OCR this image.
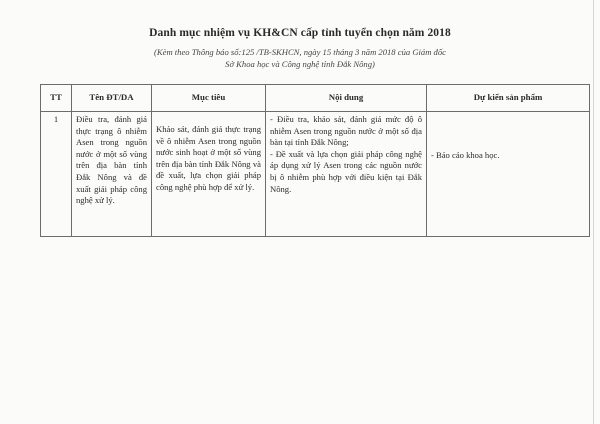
Danh mục nhiệm vụ KH&CN cấp tỉnh tuyển chọn năm 2018
(Kèm theo Thông báo số:125 /TB-SKHCN, ngày 15 tháng 3 năm 2018 của Giám đốc
Sở Khoa học và Công nghệ tỉnh Đắk Nông)
TT	Tên ĐT/DA	Mục tiêu	Nội dung	Dự kiến sản phẩm
1	Điều tra, đánh giá thực trạng ô nhiễm Asen trong nguồn nước ở một số vùng trên địa bàn tỉnh Đắk Nông và đề xuất giải pháp công nghệ xử lý.	Khảo sát, đánh giá thực trạng về ô nhiễm Asen trong nguồn nước sinh hoạt ở một số vùng trên địa bàn tỉnh Đắk Nông và đề xuất, lựa chọn giải pháp công nghệ phù hợp để xử lý.	- Điều tra, khảo sát, đánh giá mức độ ô nhiễm Asen trong nguồn nước ở một số địa bàn tại tỉnh Đắk Nông;
- Đề xuất và lựa chọn giải pháp công nghệ áp dụng xử lý Asen trong các nguồn nước bị ô nhiễm phù hợp với điều kiện tại Đắk Nông.	- Báo cáo khoa học.
